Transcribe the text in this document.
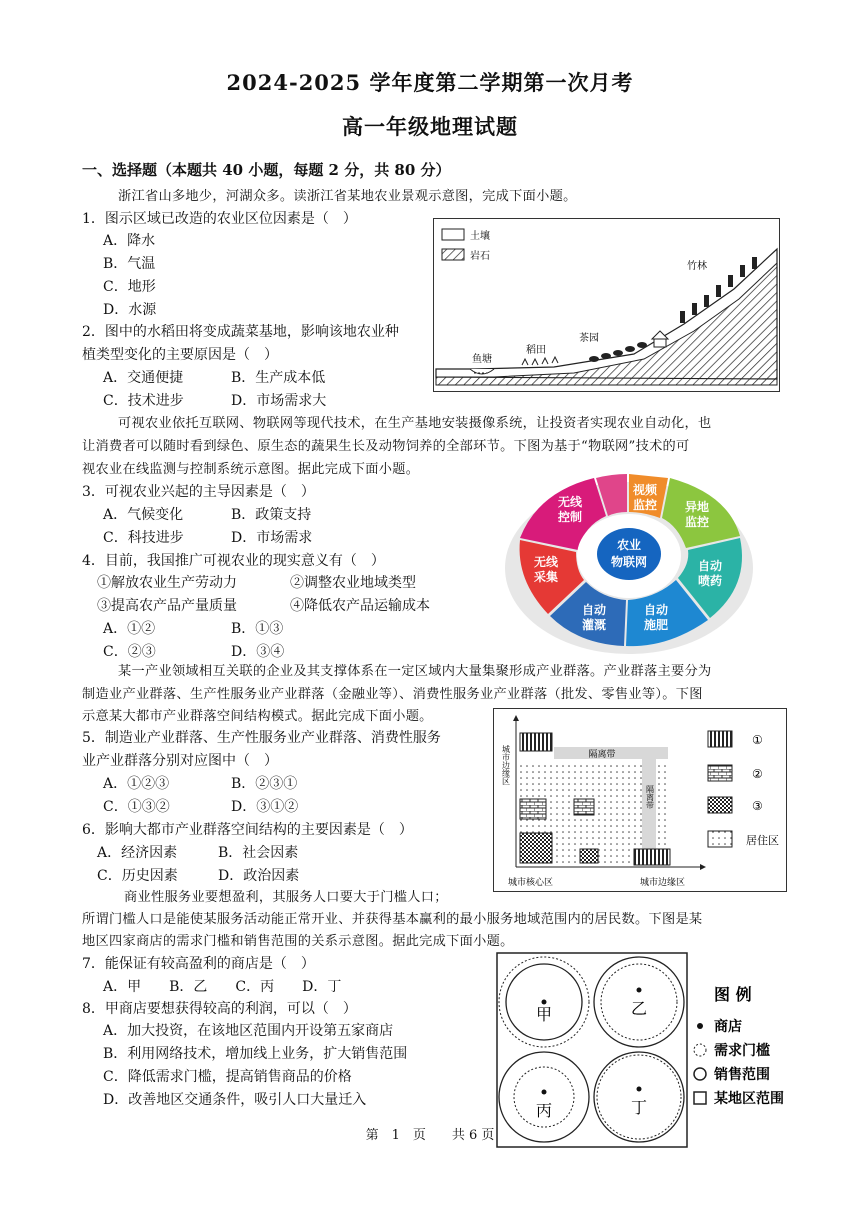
2024-2025 学年度第二学期第一次月考
高一年级地理试题
一、选择题（本题共 40 小题，每题 2 分，共 80 分）
浙江省山多地少，河湖众多。读浙江省某地农业景观示意图，完成下面小题。
1．图示区域已改造的农业区位因素是（　）
A．降水
B．气温
C．地形
D．水源
2．图中的水稻田将变成蔬菜基地，影响该地农业种
植类型变化的主要原因是（　）
A．交通便捷	B．生产成本低
C．技术进步	D．市场需求大
土壤
岩石
鱼塘
稻田
茶园
竹林
可视农业依托互联网、物联网等现代技术，在生产基地安装摄像系统，让投资者实现农业自动化，也
让消费者可以随时看到绿色、原生态的蔬果生长及动物饲养的全部环节。下图为基于“物联网”技术的可
视农业在线监测与控制系统示意图。据此完成下面小题。
3．可视农业兴起的主导因素是（　）
A．气候变化	B．政策支持
C．科技进步	D．市场需求
4．目前，我国推广可视农业的现实意义有（　）
①解放农业生产劳动力	②调整农业地域类型
③提高农产品产量质量	④降低农产品运输成本
A．①②	B．①③
C．②③	D．③④
农业
物联网
视频
监控 异地
监控
自动
喷药
自动
施肥
自动
灌溉
无线
采集
无线
控制
某一产业领域相互关联的企业及其支撑体系在一定区域内大量集聚形成产业群落。产业群落主要分为
制造业产业群落、生产性服务业产业群落（金融业等）、消费性服务业产业群落（批发、零售业等）。下图
示意某大都市产业群落空间结构模式。据此完成下面小题。
5．制造业产业群落、生产性服务业产业群落、消费性服务
业产业群落分别对应图中（　）
A．①②③	B．②③①
C．①③②	D．③①②
6．影响大都市产业群落空间结构的主要因素是（　）
A．经济因素	B．社会因素
C．历史因素	D．政治因素
隔离带
隔离带
城市边缘区
城市核心区	城市边缘区
①
②
③
居住区
商业性服务业要想盈利，其服务人口要大于门槛人口；
所谓门槛人口是能使某服务活动能正常开业、并获得基本赢利的最小服务地域范围内的居民数。下图是某
地区四家商店的需求门槛和销售范围的关系示意图。据此完成下面小题。
7．能保证有较高盈利的商店是（　）
A．甲　　B．乙　　C．丙　　D．丁
8．甲商店要想获得较高的利润，可以（　）
A．加大投资，在该地区范围内开设第五家商店
B．利用网络技术，增加线上业务，扩大销售范围
C．降低需求门槛，提高销售商品的价格
D．改善地区交通条件，吸引人口大量迁入
甲	乙
丙	丁
图 例
商店
需求门槛
销售范围
某地区范围
第　1　页　　共 6 页
